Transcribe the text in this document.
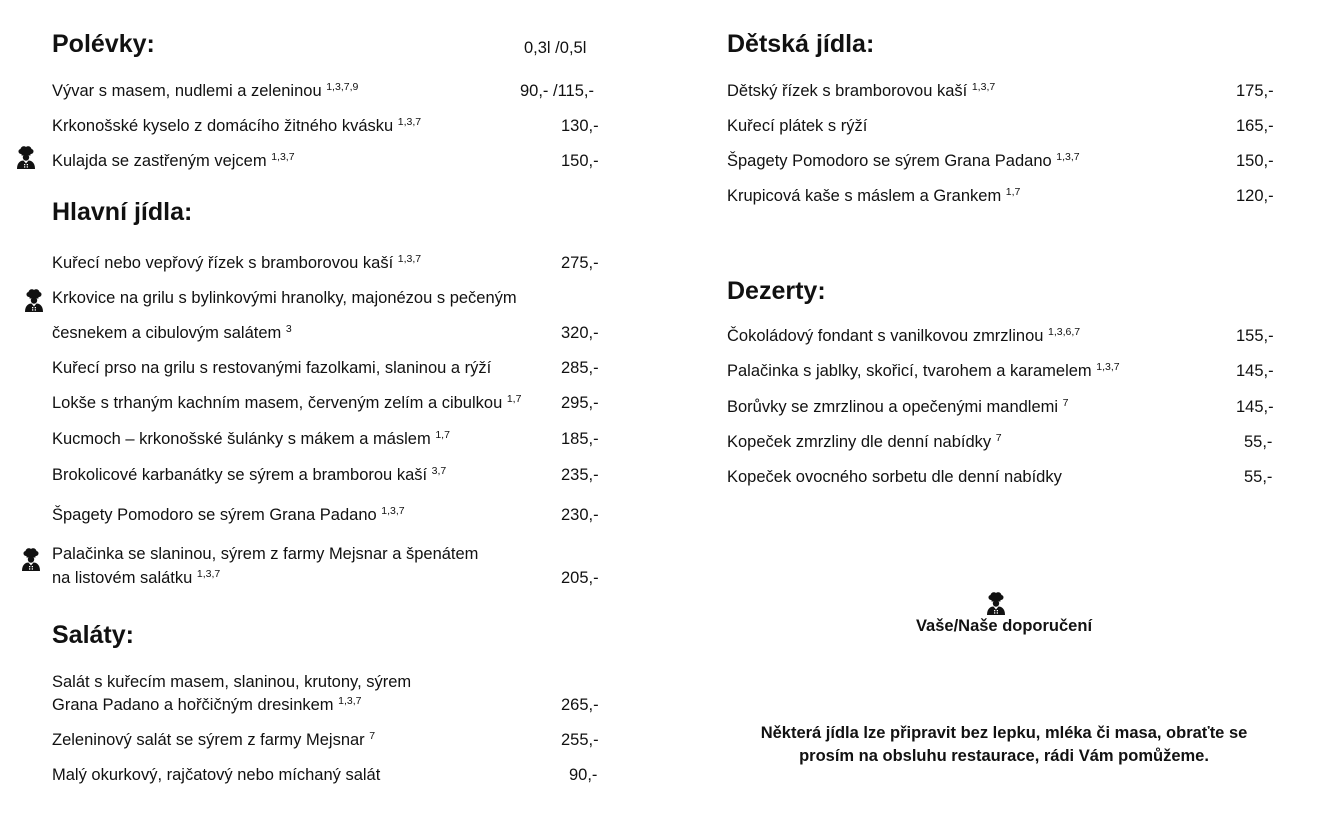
Polévky:	0,3l /0,5l
Vývar s masem, nudlemi a zeleninou $^{1,3,7,9}$	90,- /115,-
Krkonošské kyselo z domácího žitného kvásku $^{1,3,7}$	130,-
Kulajda se zastřeným vejcem $^{1,3,7}$	150,-
Hlavní jídla:
Kuřecí nebo vepřový řízek s bramborovou kaší $^{1,3,7}$	275,-
Krkovice na grilu s bylinkovými hranolky, majonézou s pečeným
česnekem a cibulovým salátem $^3$	320,-
Kuřecí prso na grilu s restovanými fazolkami, slaninou a rýží	285,-
Lokše s trhaným kachním masem, červeným zelím a cibulkou $^{1,7}$ 295,-
Kucmoch – krkonošské šulánky s mákem a máslem $^{1,7}$	185,-
Brokolicové karbanátky se sýrem a bramborou kaší $^{3,7}$	235,-
Špagety Pomodoro se sýrem Grana Padano $^{1,3,7}$	230,-
Palačinka se slaninou, sýrem z farmy Mejsnar a špenátem
na listovém salátku $^{1,3,7}$	205,-
Saláty:
Salát s kuřecím masem, slaninou, krutony, sýrem
Grana Padano a hořčičným dresinkem $^{1,3,7}$	265,-
Zeleninový salát se sýrem z farmy Mejsnar $^7$	255,-
Malý okurkový, rajčatový nebo míchaný salát	90,-
Dětská jídla:
Dětský řízek s bramborovou kaší $^{1,3,7}$	175,-
Kuřecí plátek s rýží	165,-
Špagety Pomodoro se sýrem Grana Padano $^{1,3,7}$	150,-
Krupicová kaše s máslem a Grankem $^{1,7}$	120,-
Dezerty:
Čokoládový fondant s vanilkovou zmrzlinou $^{1,3,6,7}$	155,-
Palačinka s jablky, skořicí, tvarohem a karamelem $^{1,3,7}$	145,-
Borůvky se zmrzlinou a opečenými mandlemi $^7$	145,-
Kopeček zmrzliny dle denní nabídky $^7$	55,-
Kopeček ovocného sorbetu dle denní nabídky	55,-
Vaše/Naše doporučení
Některá jídla lze připravit bez lepku, mléka či masa, obraťte se
prosím na obsluhu restaurace, rádi Vám pomůžeme.
